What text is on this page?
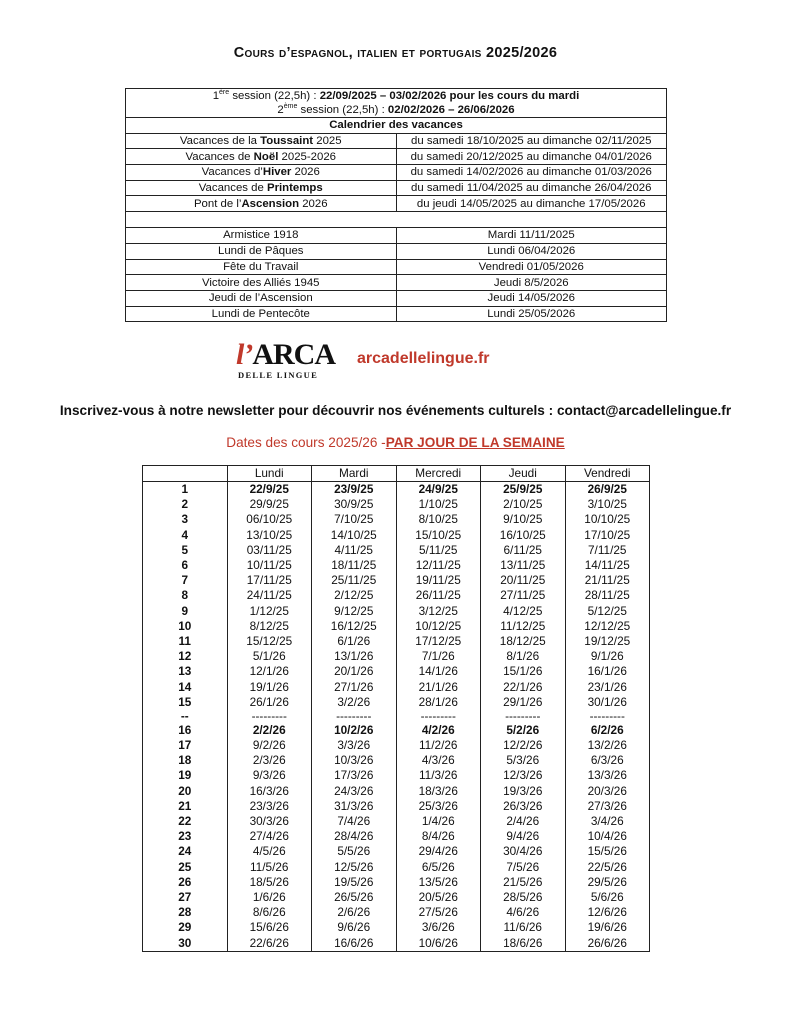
Cours d’espagnol, italien et portugais 2025/2026
1ère session (22,5h) : 22/09/2025 – 03/02/2026 pour les cours du mardi
2ème session (22,5h) : 02/02/2026 – 26/06/2026	
Calendrier des vacances	
Vacances de la Toussaint 2025	du samedi 18/10/2025 au dimanche 02/11/2025
Vacances de Noël 2025-2026	du samedi 20/12/2025 au dimanche 04/01/2026
Vacances d’Hiver 2026	du samedi 14/02/2026 au dimanche 01/03/2026
Vacances de Printemps	du samedi 11/04/2025 au dimanche 26/04/2026
Pont de l’Ascension 2026	du jeudi 14/05/2025 au dimanche 17/05/2026

Armistice 1918	Mardi 11/11/2025
Lundi de Pâques	Lundi 06/04/2026
Fête du Travail	Vendredi 01/05/2026
Victoire des Alliés 1945	Jeudi 8/5/2026
Jeudi de l’Ascension	Jeudi 14/05/2026
Lundi de Pentecôte	Lundi 25/05/2026
l’ARCA
DELLE LINGUE
arcadellelingue.fr
Inscrivez-vous à notre newsletter pour découvrir nos événements culturels : contact@arcadellelingue.fr
Dates des cours 2025/26 -PAR JOUR DE LA SEMAINE
	Lundi	Mardi	Mercredi	Jeudi	Vendredi
1	22/9/25	23/9/25	24/9/25	25/9/25	26/9/25
2	29/9/25	30/9/25	1/10/25	2/10/25	3/10/25
3	06/10/25	7/10/25	8/10/25	9/10/25	10/10/25
4	13/10/25	14/10/25	15/10/25	16/10/25	17/10/25
5	03/11/25	4/11/25	5/11/25	6/11/25	7/11/25
6	10/11/25	18/11/25	12/11/25	13/11/25	14/11/25
7	17/11/25	25/11/25	19/11/25	20/11/25	21/11/25
8	24/11/25	2/12/25	26/11/25	27/11/25	28/11/25
9	1/12/25	9/12/25	3/12/25	4/12/25	5/12/25
10	8/12/25	16/12/25	10/12/25	11/12/25	12/12/25
11	15/12/25	6/1/26	17/12/25	18/12/25	19/12/25
12	5/1/26	13/1/26	7/1/26	8/1/26	9/1/26
13	12/1/26	20/1/26	14/1/26	15/1/26	16/1/26
14	19/1/26	27/1/26	21/1/26	22/1/26	23/1/26
15	26/1/26	3/2/26	28/1/26	29/1/26	30/1/26
--	---------	---------	---------	---------	---------
16	2/2/26	10/2/26	4/2/26	5/2/26	6/2/26
17	9/2/26	3/3/26	11/2/26	12/2/26	13/2/26
18	2/3/26	10/3/26	4/3/26	5/3/26	6/3/26
19	9/3/26	17/3/26	11/3/26	12/3/26	13/3/26
20	16/3/26	24/3/26	18/3/26	19/3/26	20/3/26
21	23/3/26	31/3/26	25/3/26	26/3/26	27/3/26
22	30/3/26	7/4/26	1/4/26	2/4/26	3/4/26
23	27/4/26	28/4/26	8/4/26	9/4/26	10/4/26
24	4/5/26	5/5/26	29/4/26	30/4/26	15/5/26
25	11/5/26	12/5/26	6/5/26	7/5/26	22/5/26
26	18/5/26	19/5/26	13/5/26	21/5/26	29/5/26
27	1/6/26	26/5/26	20/5/26	28/5/26	5/6/26
28	8/6/26	2/6/26	27/5/26	4/6/26	12/6/26
29	15/6/26	9/6/26	3/6/26	11/6/26	19/6/26
30	22/6/26	16/6/26	10/6/26	18/6/26	26/6/26
